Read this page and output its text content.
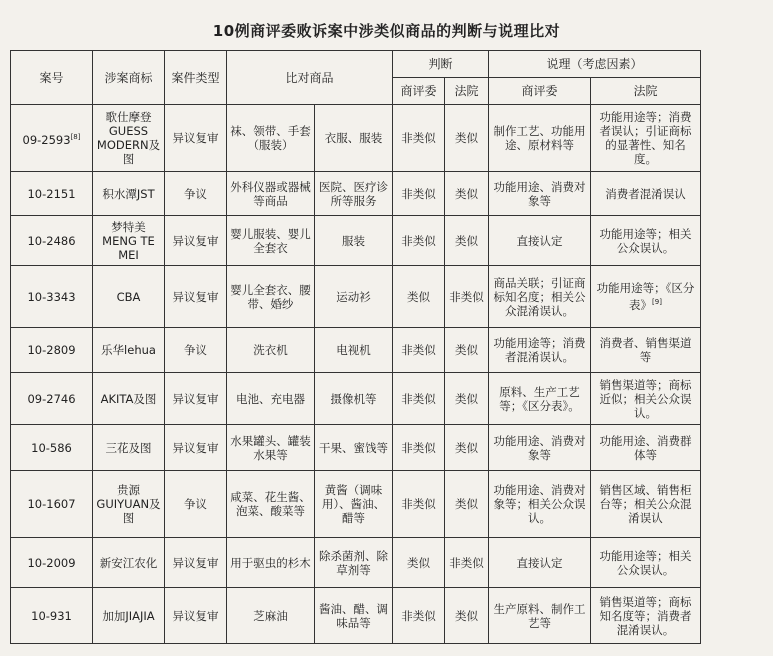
10例商评委败诉案中涉类似商品的判断与说理比对
案号	涉案商标	案件类型	比对商品		判断		说理（考虑因素）	
					商评委	法院	商评委	法院
09-2593[8]	歌仕摩登GUESS MODERN及图	异议复审	袜、领带、手套（服装）	衣服、服装	非类似	类似	制作工艺、功能用途、原材料等	功能用途等；消费者误认；引证商标的显著性、知名度。
10-2151	积水潭JST	争议	外科仪器或器械等商品	医院、医疗诊所等服务	非类似	类似	功能用途、消费对象等	消费者混淆误认
10-2486	梦特美MENG TE MEI	异议复审	婴儿服装、婴儿全套衣	服装	非类似	类似	直接认定	功能用途等；相关公众误认。
10-3343	CBA	异议复审	婴儿全套衣、腰带、婚纱	运动衫	类似	非类似	商品关联；引证商标知名度；相关公众混淆误认。	功能用途等；《区分表》[9]
10-2809	乐华lehua	争议	洗衣机	电视机	非类似	类似	功能用途等；消费者混淆误认。	消费者、销售渠道等
09-2746	AKITA及图	异议复审	电池、充电器	摄像机等	非类似	类似	原料、生产工艺等；《区分表》。	销售渠道等；商标近似；相关公众误认。
10-586	三花及图	异议复审	水果罐头、罐装水果等	干果、蜜饯等	非类似	类似	功能用途、消费对象等	功能用途、消费群体等
10-1607	贵源GUIYUAN及图	争议	咸菜、花生酱、泡菜、酸菜等	黄酱（调味用）、酱油、醋等	非类似	类似	功能用途、消费对象等；相关公众误认。	销售区域、销售柜台等；相关公众混淆误认
10-2009	新安江农化	异议复审	用于驱虫的杉木	除杀菌剂、除草剂等	类似	非类似	直接认定	功能用途等；相关公众误认。
10-931	加加JIAJIA	异议复审	芝麻油	酱油、醋、调味品等	非类似	类似	生产原料、制作工艺等	销售渠道等；商标知名度等；消费者混淆误认。
